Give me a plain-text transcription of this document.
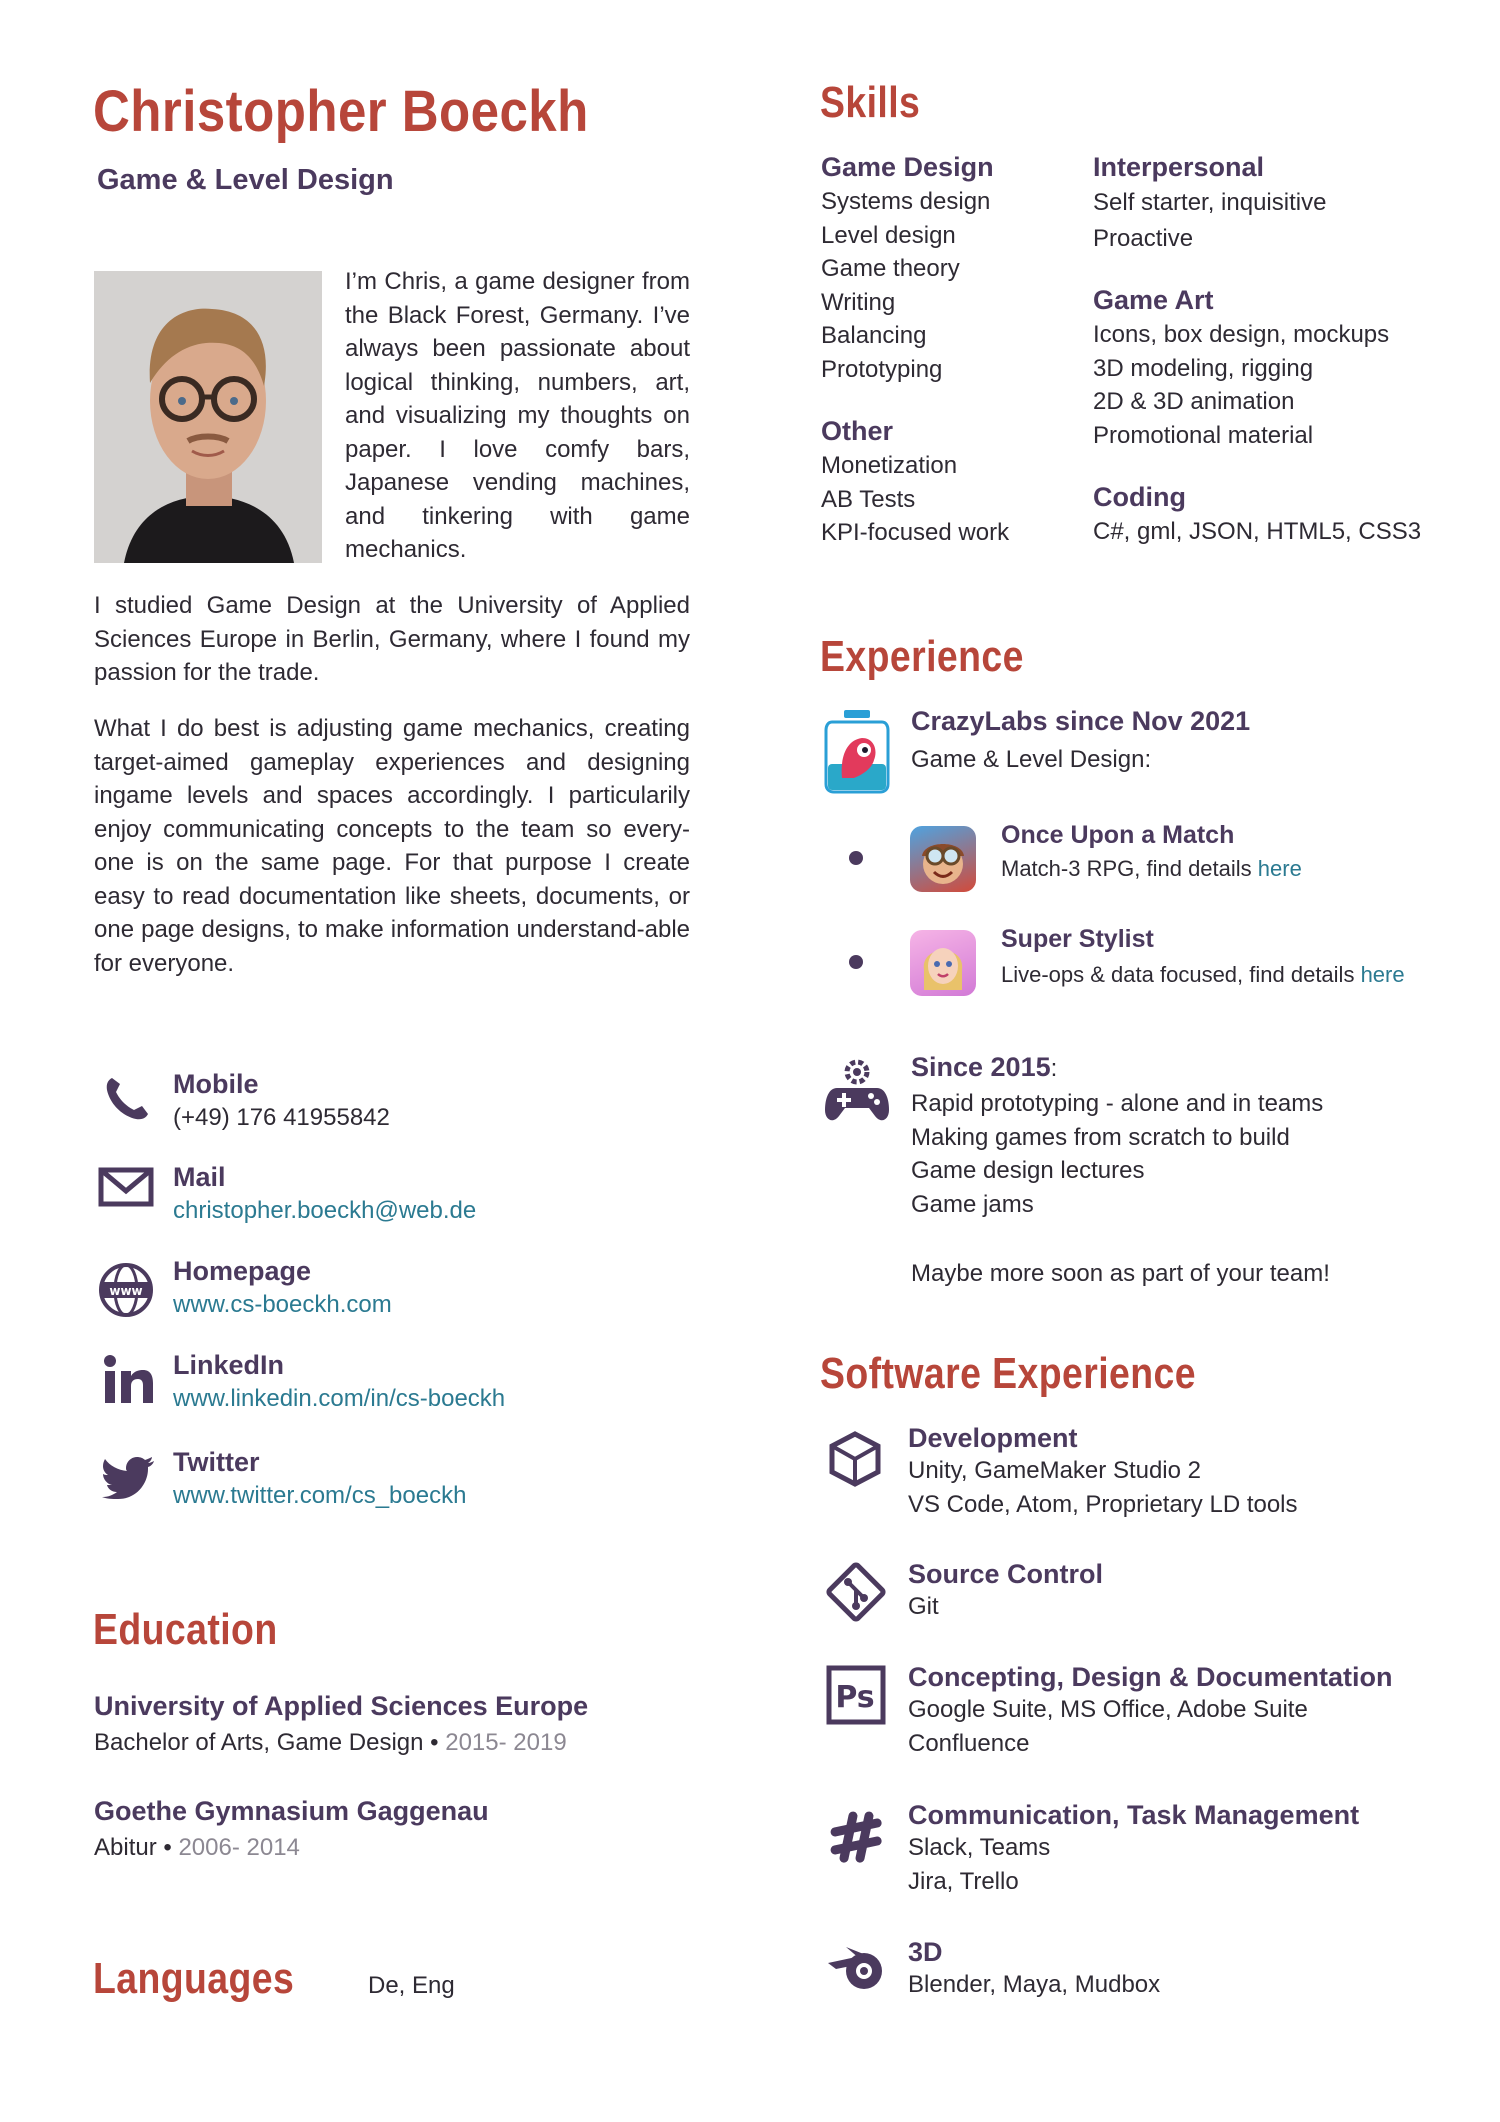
Christopher Boeckh
Game & Level Design
I’m Chris, a game designer from the Black Forest, Germany. I’ve always been passionate about logical thinking, numbers, art, and visualizing my thoughts on paper. I love comfy bars, Japanese vending machines, and tinkering with game mechanics.
I studied Game Design at the University of Applied Sciences Europe in Berlin, Germany, where I found my passion for the trade.
What I do best is adjusting game mechanics, creating target-aimed gameplay experiences and designing ingame levels and spaces accordingly. I particularily enjoy communicating concepts to the team so every-one is on the same page. For that purpose I create easy to read documentation like sheets, documents, or one page designs, to make information understand-able for everyone.
Mobile
(+49) 176 41955842
Mail
christopher.boeckh@web.de
www
Homepage
www.cs-boeckh.com
LinkedIn
www.linkedin.com/in/cs-boeckh
Twitter
www.twitter.com/cs_boeckh
Education
University of Applied Sciences Europe
Bachelor of Arts, Game Design • 2015- 2019
Goethe Gymnasium Gaggenau
Abitur • 2006- 2014
Languages	De, Eng
Skills
Game Design
Systems design
Level design
Game theory
Writing
Balancing
Prototyping
Other
Monetization
AB Tests
KPI-focused work
Interpersonal
Self starter, inquisitive
Proactive
Game Art
Icons, box design, mockups
3D modeling, rigging
2D & 3D animation
Promotional material
Coding
C#, gml, JSON, HTML5, CSS3
Experience
CrazyLabs since Nov 2021
Game & Level Design:
Once Upon a Match
Match-3 RPG, find details here
Super Stylist
Live-ops & data focused, find details here
Since 2015:
Rapid prototyping - alone and in teams
Making games from scratch to build
Game design lectures
Game jams
Maybe more soon as part of your team!
Software Experience
Development
Unity, GameMaker Studio 2
VS Code, Atom, Proprietary LD tools
Source Control
Git
Ps
Concepting, Design & Documentation
Google Suite, MS Office, Adobe Suite
Confluence
Communication, Task Management
Slack, Teams
Jira, Trello
3D
Blender, Maya, Mudbox
